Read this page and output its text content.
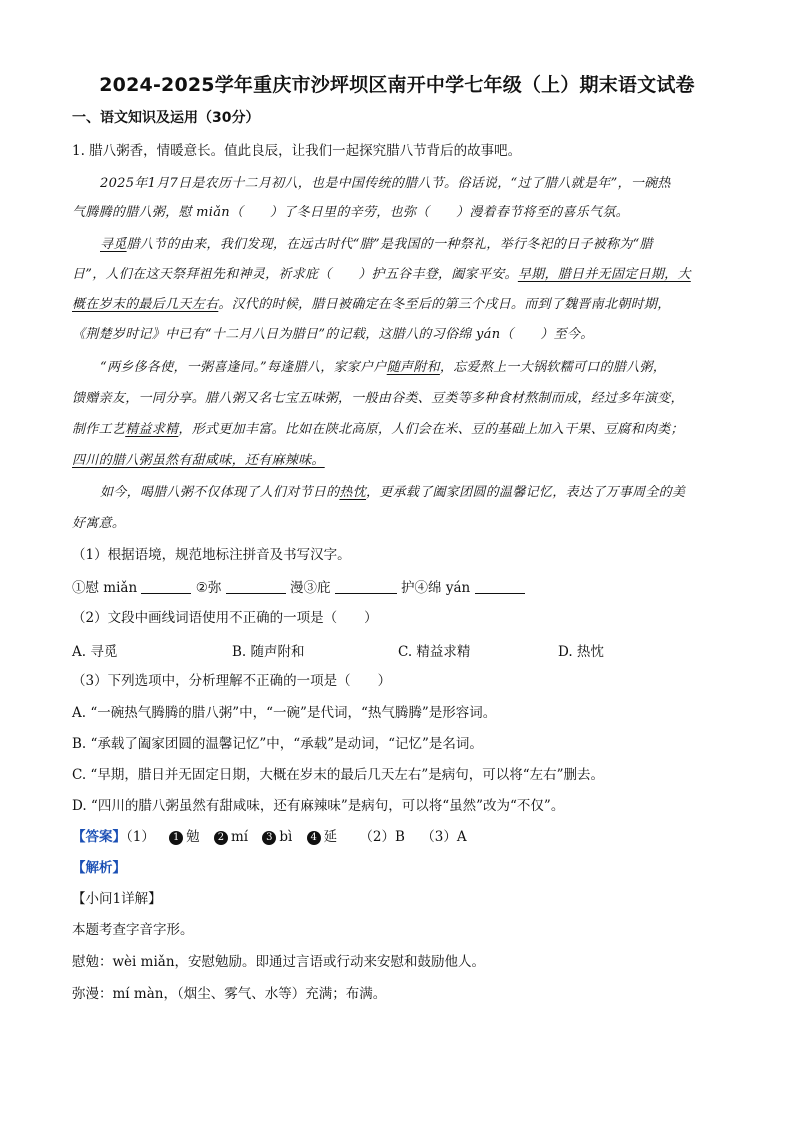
2024-2025学年重庆市沙坪坝区南开中学七年级（上）期末语文试卷
一、语文知识及运用（30分）
1. 腊八粥香，情暖意长。值此良辰，让我们一起探究腊八节背后的故事吧。
2025年1月7日是农历十二月初八，也是中国传统的腊八节。俗话说，“过了腊八就是年”，一碗热
气腾腾的腊八粥，慰 miǎn（　　）了冬日里的辛劳，也弥（　　）漫着春节将至的喜乐气氛。
寻觅腊八节的由来，我们发现，在远古时代“腊”是我国的一种祭礼，举行冬祀的日子被称为“腊
日”，人们在这天祭拜祖先和神灵，祈求庇（　　）护五谷丰登，阖家平安。早期，腊日并无固定日期，大
概在岁末的最后几天左右。汉代的时候，腊日被确定在冬至后的第三个戌日。而到了魏晋南北朝时期，
《荆楚岁时记》中已有“十二月八日为腊日”的记载，这腊八的习俗绵 yán（　　）至今。
“两乡侈各使，一粥喜逢同。”每逢腊八，家家户户随声附和，忘爱熬上一大锅软糯可口的腊八粥，
馈赠亲友，一同分享。腊八粥又名七宝五味粥，一般由谷类、豆类等多种食材熬制而成，经过多年演变，
制作工艺精益求精，形式更加丰富。比如在陕北高原，人们会在米、豆的基础上加入干果、豆腐和肉类；
四川的腊八粥虽然有甜咸味，还有麻辣味。
如今，喝腊八粥不仅体现了人们对节日的热忱，更承载了阖家团圆的温馨记忆，表达了万事周全的美
好寓意。
（1）根据语境，规范地标注拼音及书写汉字。
①慰 miǎn	②弥	漫③庇	护④绵 yán
（2）文段中画线词语使用不正确的一项是（　　）
A. 寻觅	B. 随声附和	C. 精益求精	D. 热忱
（3）下列选项中，分析理解不正确的一项是（　　）
A. “一碗热气腾腾的腊八粥”中，“一碗”是代词，“热气腾腾”是形容词。
B. “承载了阖家团圆的温馨记忆”中，“承载”是动词，“记忆”是名词。
C. “早期，腊日并无固定日期，大概在岁末的最后几天左右”是病句，可以将“左右”删去。
D. “四川的腊八粥虽然有甜咸味，还有麻辣味”是病句，可以将“虽然”改为“不仅”。
【答案】（1） 1 勉 2 mí 3 bì 4 延 （2）B （3）A
【解析】
【小问1详解】
本题考查字音字形。
慰勉：wèi miǎn，安慰勉励。即通过言语或行动来安慰和鼓励他人。
弥漫：mí màn，（烟尘、雾气、水等）充满；布满。
